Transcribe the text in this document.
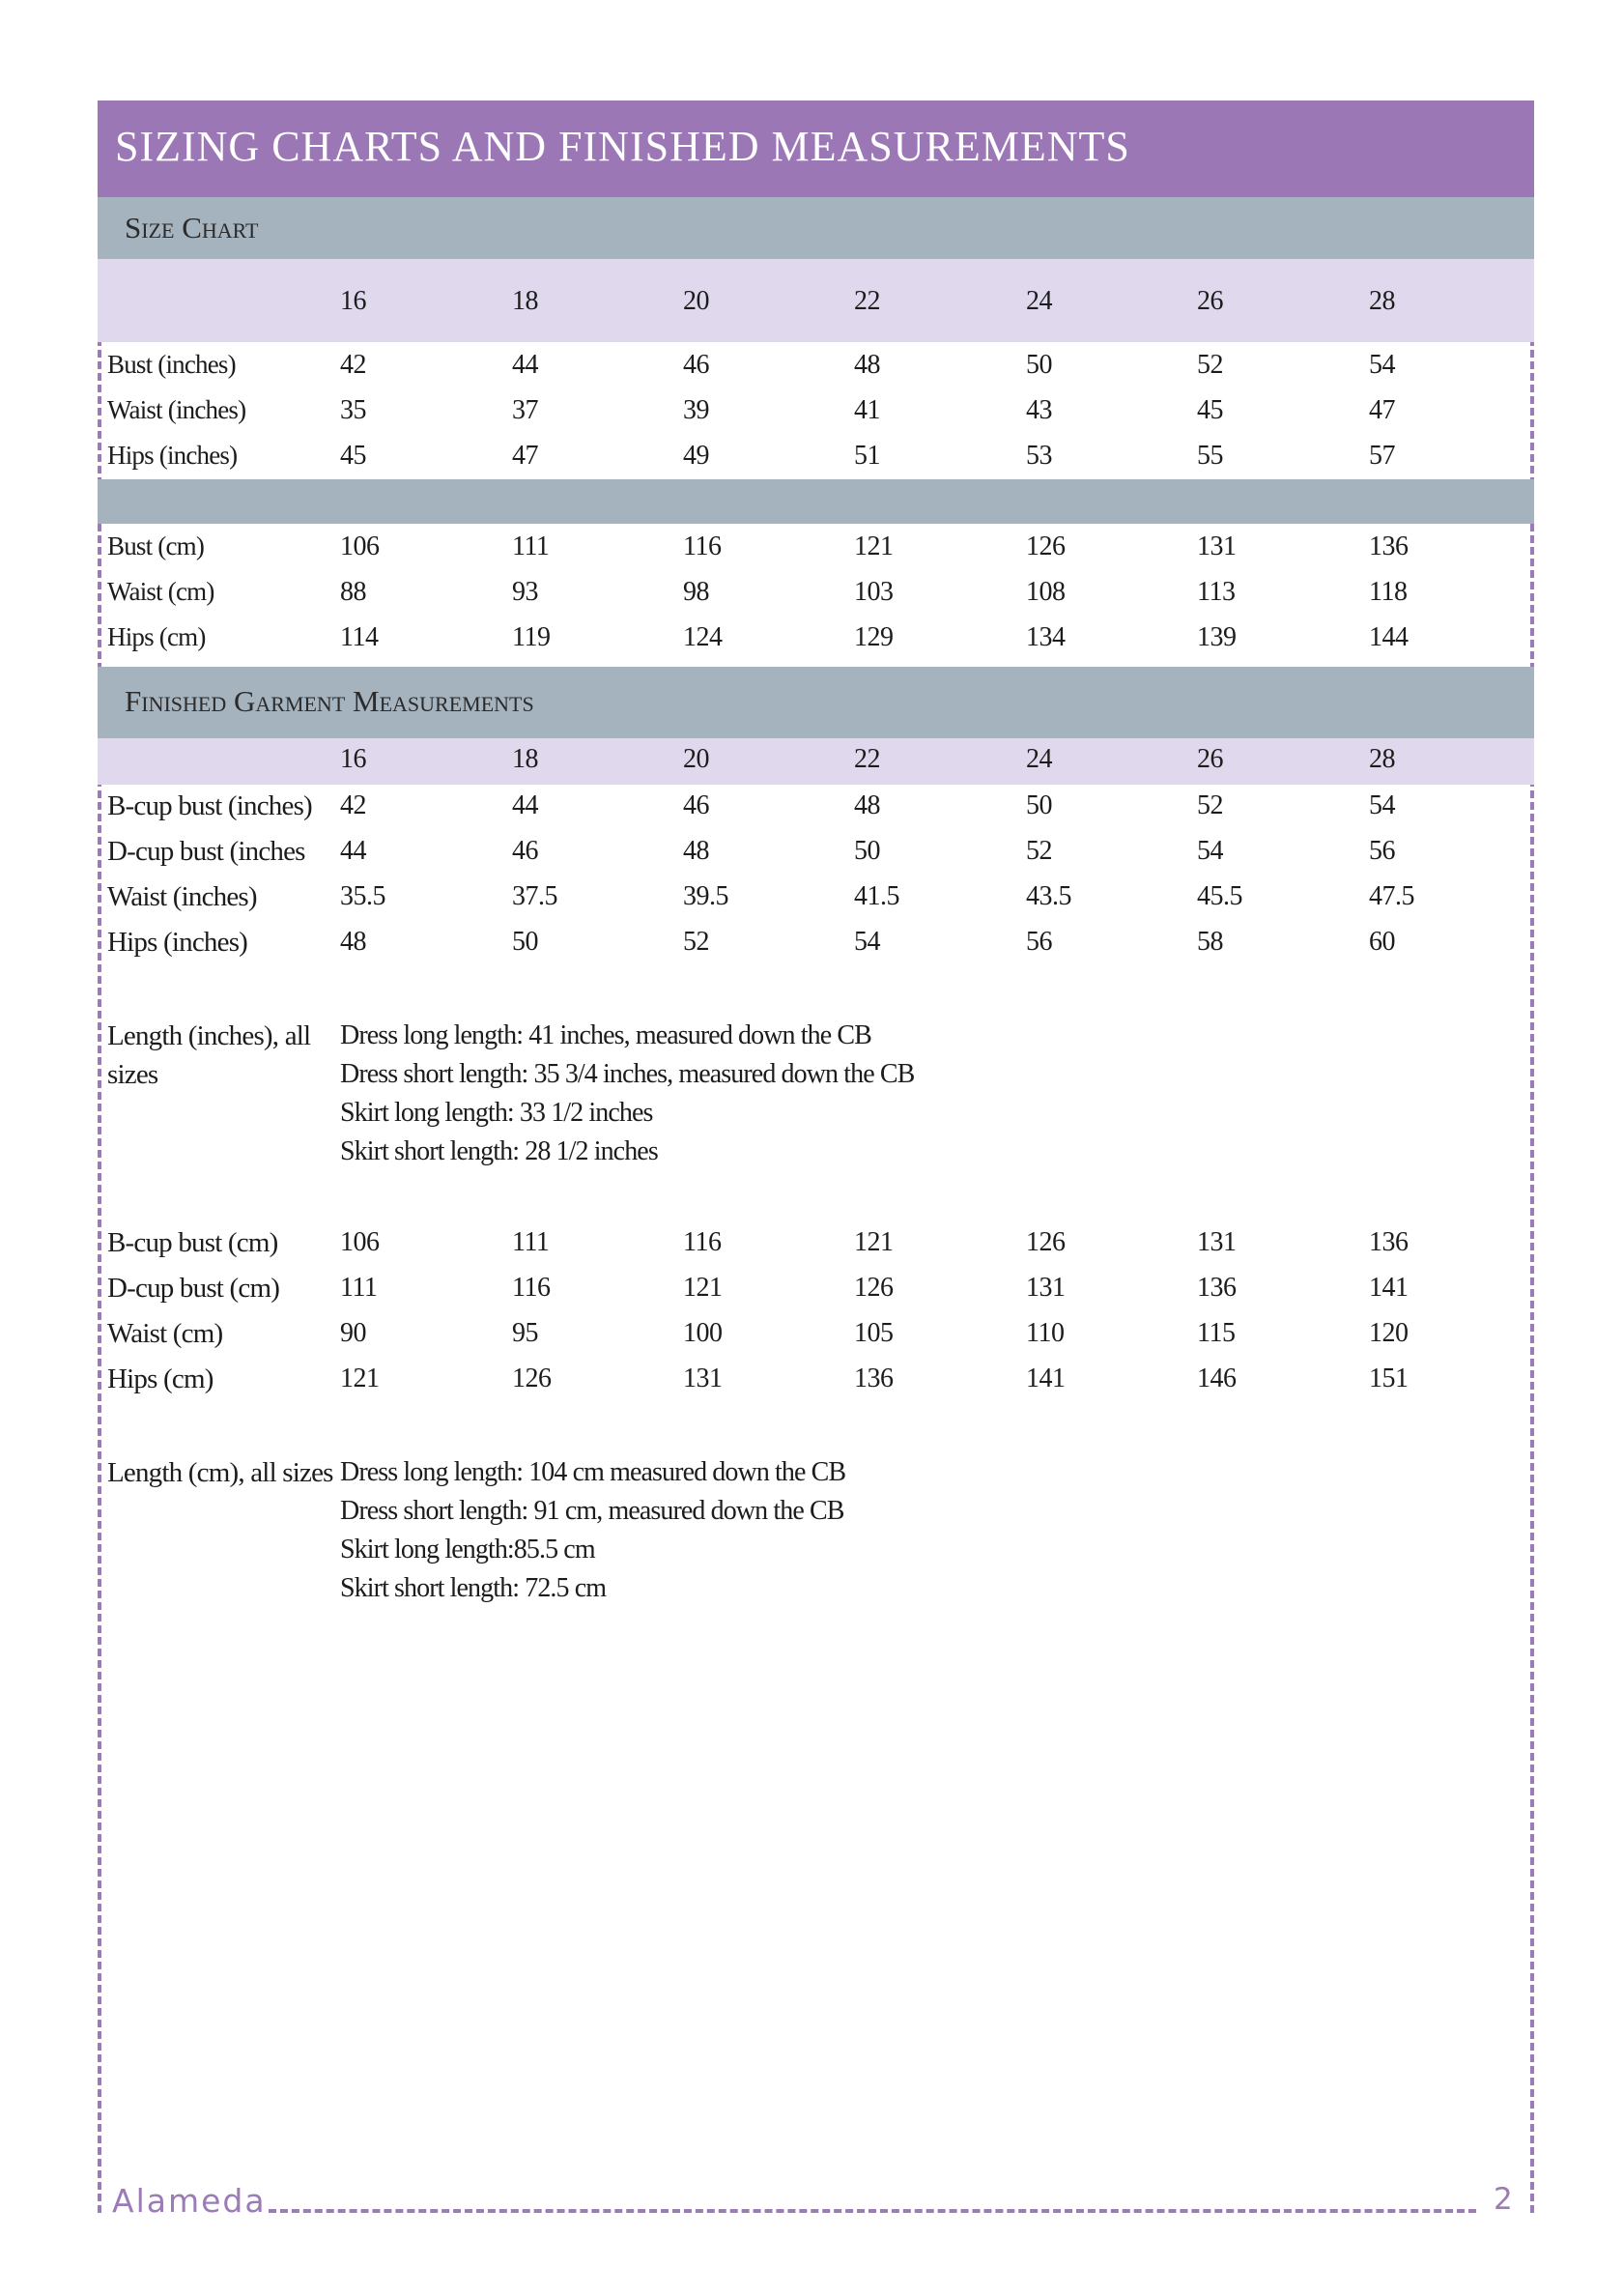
Alameda	2
SIZING CHARTS AND FINISHED MEASUREMENTS
Size Chart
16	18	20	22	24	26	28
Bust (inches)	42	44	46	48	50	52	54
Waist (inches)	35	37	39	41	43	45	47
Hips (inches)	45	47	49	51	53	55	57
Bust (cm)	106	111	116	121	126	131	136
Waist (cm)	88	93	98	103	108	113	118
Hips (cm)	114	119	124	129	134	139	144
Finished Garment Measurements
16	18	20	22	24	26	28
B-cup bust (inches) 42	44	46	48	50	52	54
D-cup bust (inches 44	46	48	50	52	54	56
Waist (inches)	35.5	37.5	39.5	41.5	43.5	45.5	47.5
Hips (inches)	48	50	52	54	56	58	60
Length (inches), all
sizes
Dress long length: 41 inches, measured down the CB
Dress short length: 35 3/4 inches, measured down the CB
Skirt long length: 33 1/2 inches
Skirt short length: 28 1/2 inches
B-cup bust (cm) 106	111	116	121	126	131	136
D-cup bust (cm) 111	116	121	126	131	136	141
Waist (cm)	90	95	100	105	110	115	120
Hips (cm)	121	126	131	136	141	146	151
Length (cm), all sizes Dress long length: 104 cm measured down the CB
Dress short length: 91 cm, measured down the CB
Skirt long length:85.5 cm
Skirt short length: 72.5 cm
